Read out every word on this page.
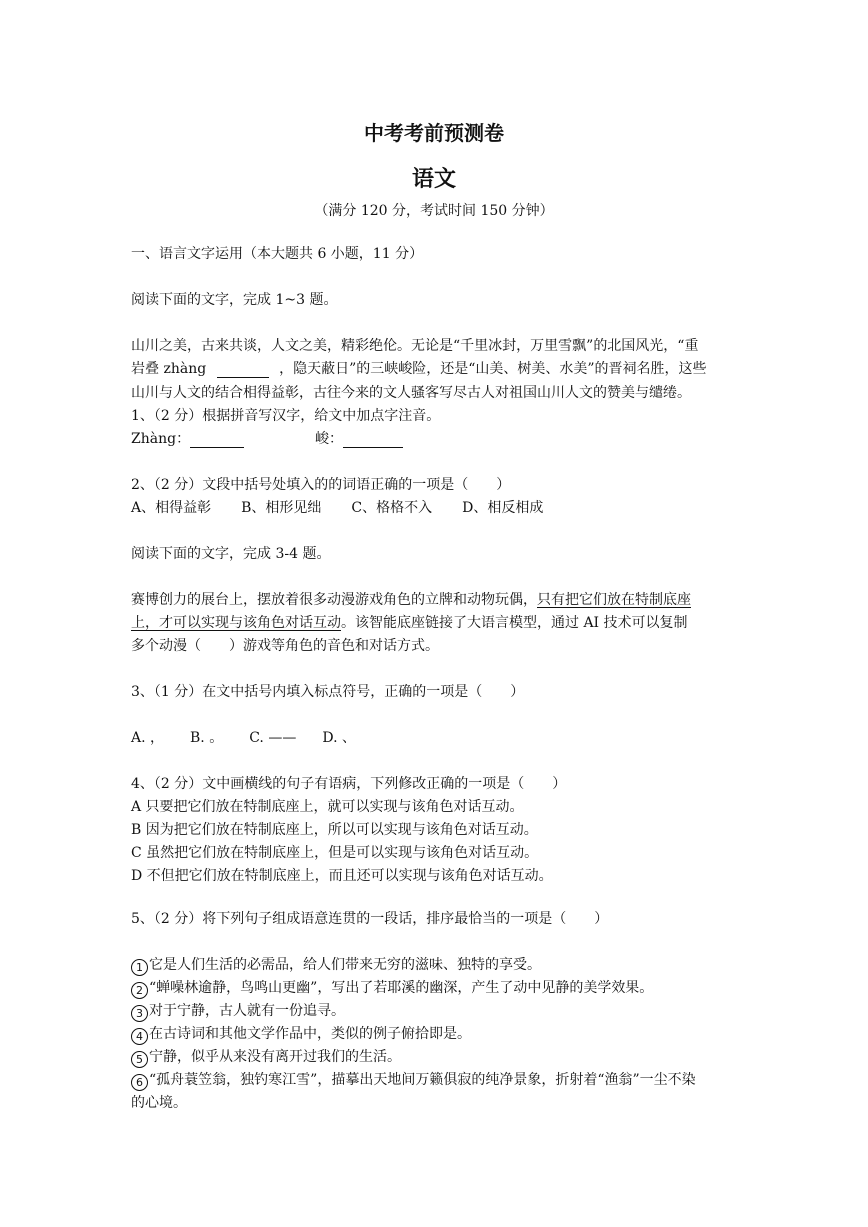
中考考前预测卷
语文
（满分 120 分，考试时间 150 分钟）
一、语言文字运用（本大题共 6 小题，11 分）
阅读下面的文字，完成 1~3 题。
山川之美，古来共谈，人文之美，精彩绝伦。无论是“千里冰封，万里雪飘”的北国风光，“重
岩叠 zhàng	，隐天蔽日”的三峡峻险，还是“山美、树美、水美”的晋祠名胜，这些
山川与人文的结合相得益彰，古往今来的文人骚客写尽古人对祖国山川人文的赞美与缱绻。
1、（2 分）根据拼音写汉字，给文中加点字注音。
Zhàng：	峻：
2、（2 分）文段中括号处填入的的词语正确的一项是（　　）
A、相得益彰 B、相形见绌 C、格格不入 D、相反相成
阅读下面的文字，完成 3-4 题。
赛博创力的展台上，摆放着很多动漫游戏角色的立牌和动物玩偶，只有把它们放在特制底座
上，才可以实现与该角色对话互动。该智能底座链接了大语言模型，通过 AI 技术可以复制
多个动漫（　　）游戏等角色的音色和对话方式。
3、（1 分）在文中括号内填入标点符号，正确的一项是（　　）
A. ， B. 。 C. —— D. 、
4、（2 分）文中画横线的句子有语病，下列修改正确的一项是（　　）
A 只要把它们放在特制底座上，就可以实现与该角色对话互动。
B 因为把它们放在特制底座上，所以可以实现与该角色对话互动。
C 虽然把它们放在特制底座上，但是可以实现与该角色对话互动。
D 不但把它们放在特制底座上，而且还可以实现与该角色对话互动。
5、（2 分）将下列句子组成语意连贯的一段话，排序最恰当的一项是（　　）
1 它是人们生活的必需品，给人们带来无穷的滋味、独特的享受。
2 “蝉噪林逾静，鸟鸣山更幽”，写出了若耶溪的幽深，产生了动中见静的美学效果。
3 对于宁静，古人就有一份追寻。
4 在古诗词和其他文学作品中，类似的例子俯拾即是。
5 宁静，似乎从来没有离开过我们的生活。
6 “孤舟蓑笠翁，独钓寒江雪”，描摹出天地间万籁俱寂的纯净景象，折射着“渔翁”一尘不染
的心境。
